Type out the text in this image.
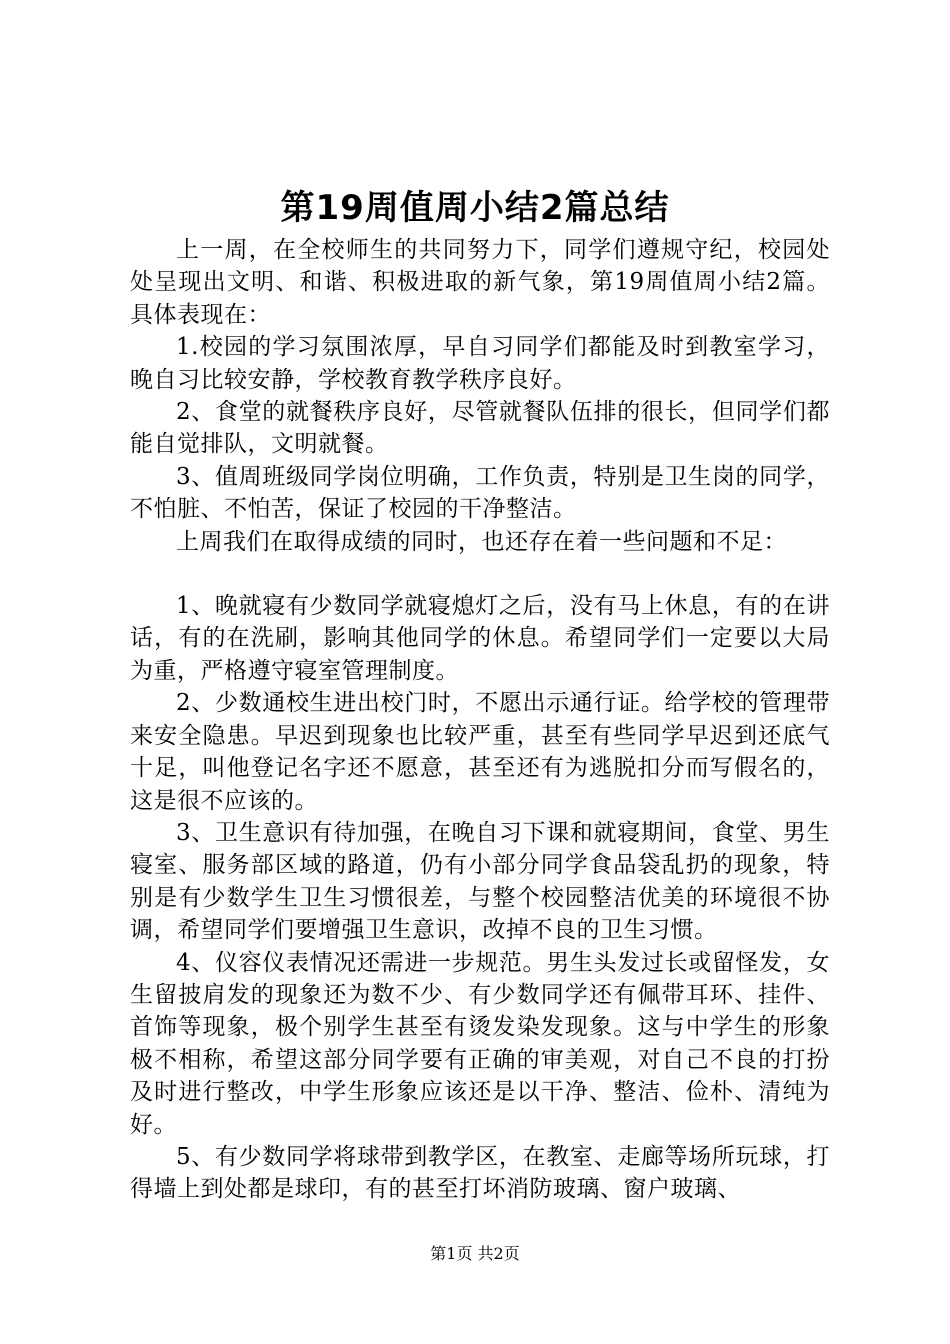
第19周值周小结2篇总结

上一周，在全校师生的共同努力下，同学们遵规守纪，校园处处呈现出文明、和谐、积极进取的新气象，第19周值周小结2篇。具体表现在：

1.校园的学习氛围浓厚，早自习同学们都能及时到教室学习，晚自习比较安静，学校教育教学秩序良好。

2、食堂的就餐秩序良好，尽管就餐队伍排的很长，但同学们都能自觉排队，文明就餐。

3、值周班级同学岗位明确，工作负责，特别是卫生岗的同学，不怕脏、不怕苦，保证了校园的干净整洁。

上周我们在取得成绩的同时，也还存在着一些问题和不足：

1、晚就寝有少数同学就寝熄灯之后，没有马上休息，有的在讲话，有的在洗刷，影响其他同学的休息。希望同学们一定要以大局为重，严格遵守寝室管理制度。

2、少数通校生进出校门时，不愿出示通行证。给学校的管理带来安全隐患。早迟到现象也比较严重，甚至有些同学早迟到还底气十足，叫他登记名字还不愿意，甚至还有为逃脱扣分而写假名的，这是很不应该的。

3、卫生意识有待加强，在晚自习下课和就寝期间，食堂、男生寝室、服务部区域的路道，仍有小部分同学食品袋乱扔的现象，特别是有少数学生卫生习惯很差，与整个校园整洁优美的环境很不协调，希望同学们要增强卫生意识，改掉不良的卫生习惯。

4、仪容仪表情况还需进一步规范。男生头发过长或留怪发，女生留披肩发的现象还为数不少、有少数同学还有佩带耳环、挂件、首饰等现象，极个别学生甚至有烫发染发现象。这与中学生的形象极不相称，希望这部分同学要有正确的审美观，对自己不良的打扮及时进行整改，中学生形象应该还是以干净、整洁、俭朴、清纯为好。

5、有少数同学将球带到教学区，在教室、走廊等场所玩球，打得墙上到处都是球印，有的甚至打坏消防玻璃、窗户玻璃、

第1页 共2页
